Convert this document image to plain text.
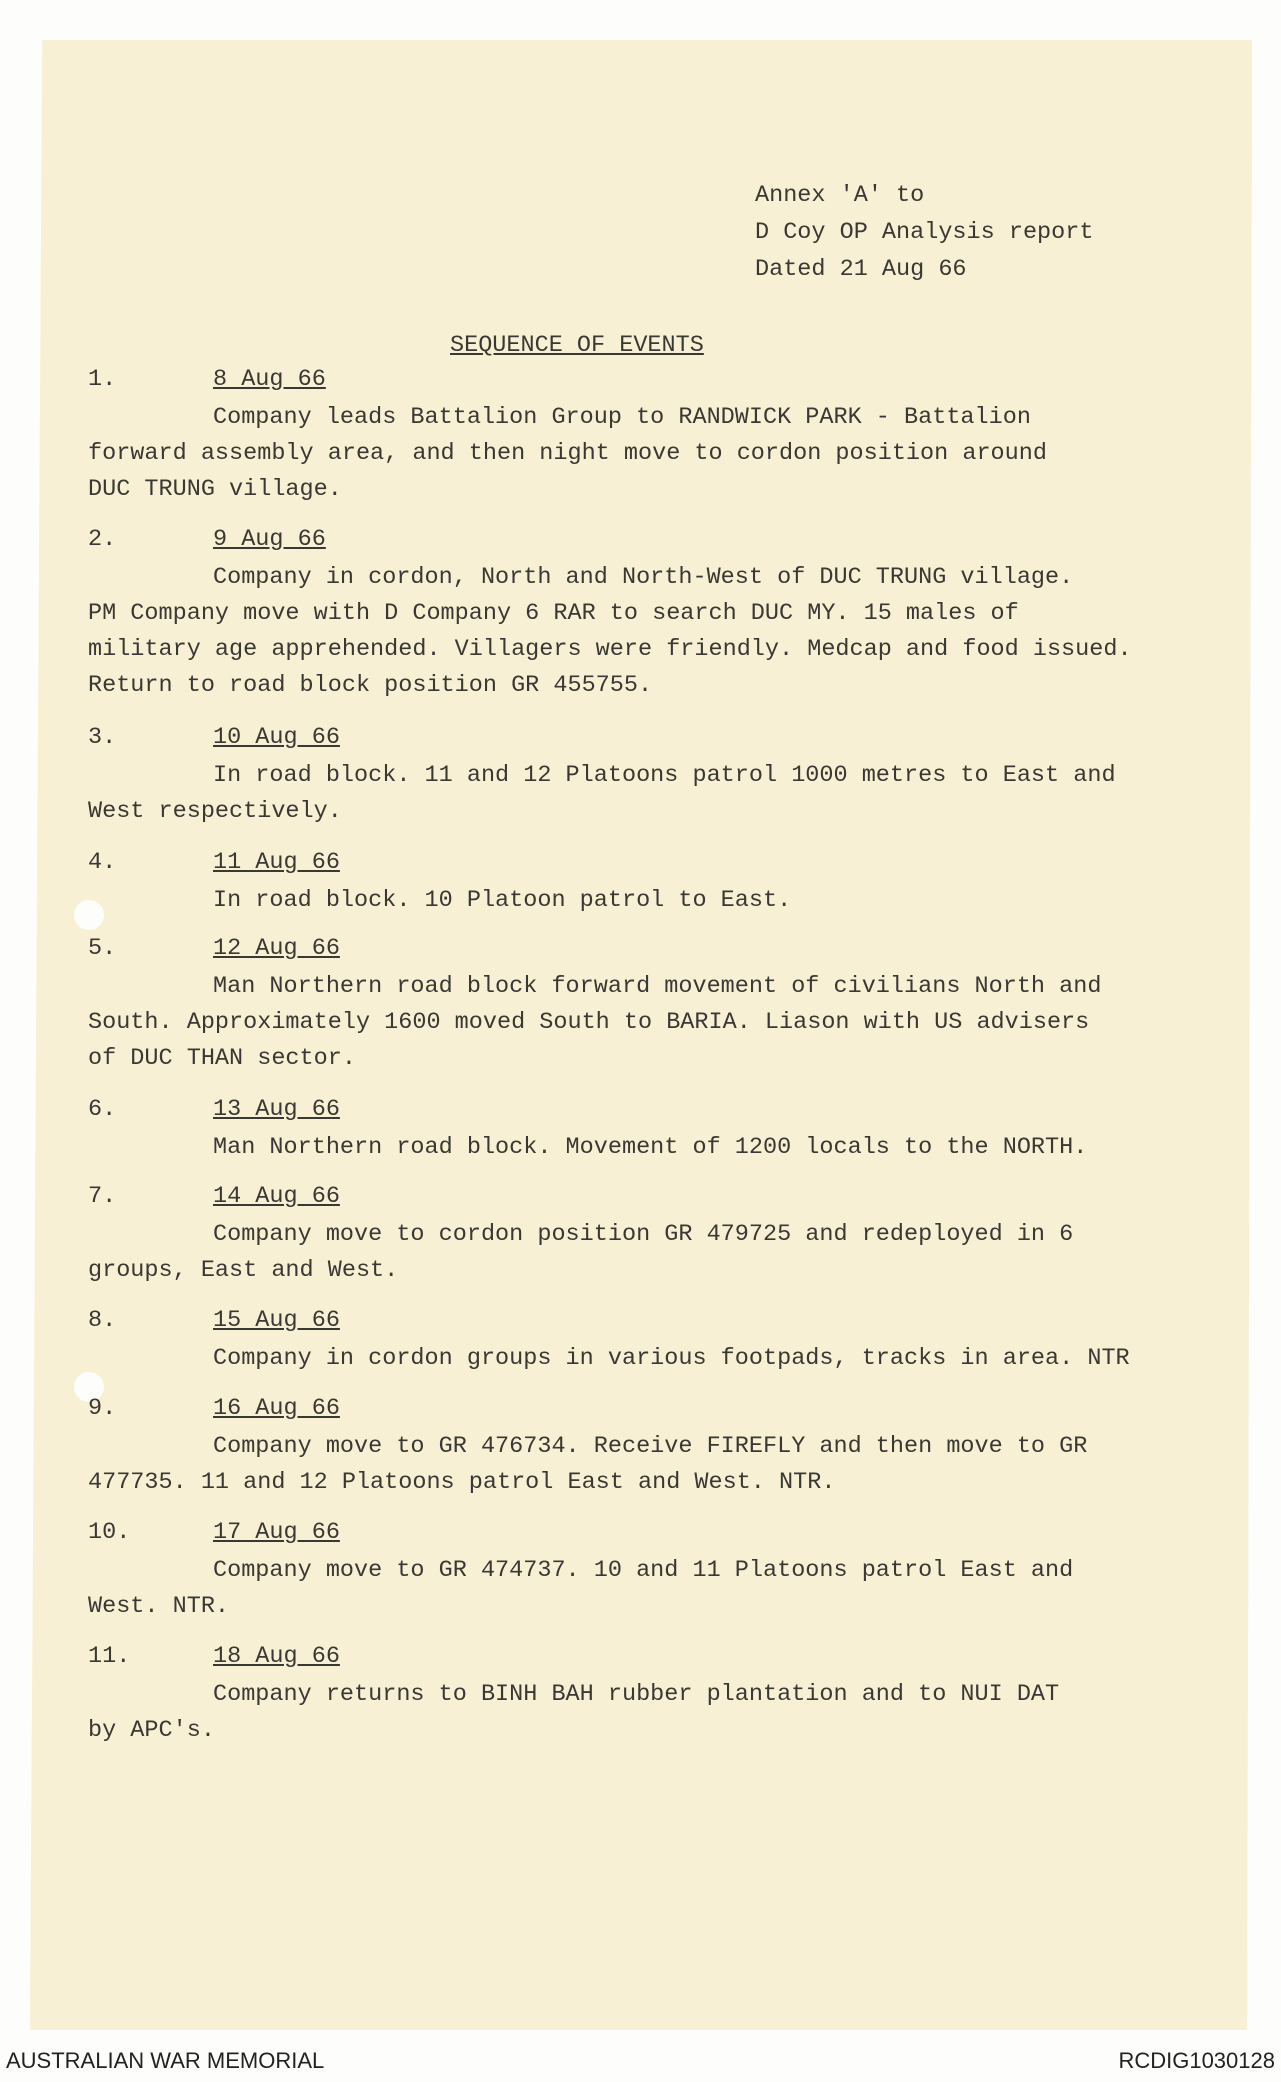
Annex 'A' to
D Coy OP Analysis report
Dated 21 Aug 66
SEQUENCE OF EVENTS
1.	8 Aug 66
Company leads Battalion Group to RANDWICK PARK - Battalion
forward assembly area, and then night move to cordon position around
DUC TRUNG village.
2.	9 Aug 66
Company in cordon, North and North-West of DUC TRUNG village.
PM Company move with D Company 6 RAR to search DUC MY. 15 males of
military age apprehended. Villagers were friendly. Medcap and food issued.
Return to road block position GR 455755.
3.	10 Aug 66
In road block. 11 and 12 Platoons patrol 1000 metres to East and
West respectively.
4.	11 Aug 66
In road block. 10 Platoon patrol to East.
5.	12 Aug 66
Man Northern road block forward movement of civilians North and
South. Approximately 1600 moved South to BARIA. Liason with US advisers
of DUC THAN sector.
6.	13 Aug 66
Man Northern road block. Movement of 1200 locals to the NORTH.
7.	14 Aug 66
Company move to cordon position GR 479725 and redeployed in 6
groups, East and West.
8.	15 Aug 66
Company in cordon groups in various footpads, tracks in area. NTR
9.	16 Aug 66
Company move to GR 476734. Receive FIREFLY and then move to GR
477735. 11 and 12 Platoons patrol East and West. NTR.
10.	17 Aug 66
Company move to GR 474737. 10 and 11 Platoons patrol East and
West. NTR.
11.	18 Aug 66
Company returns to BINH BAH rubber plantation and to NUI DAT
by APC's.
AUSTRALIAN WAR MEMORIAL	RCDIG1030128
